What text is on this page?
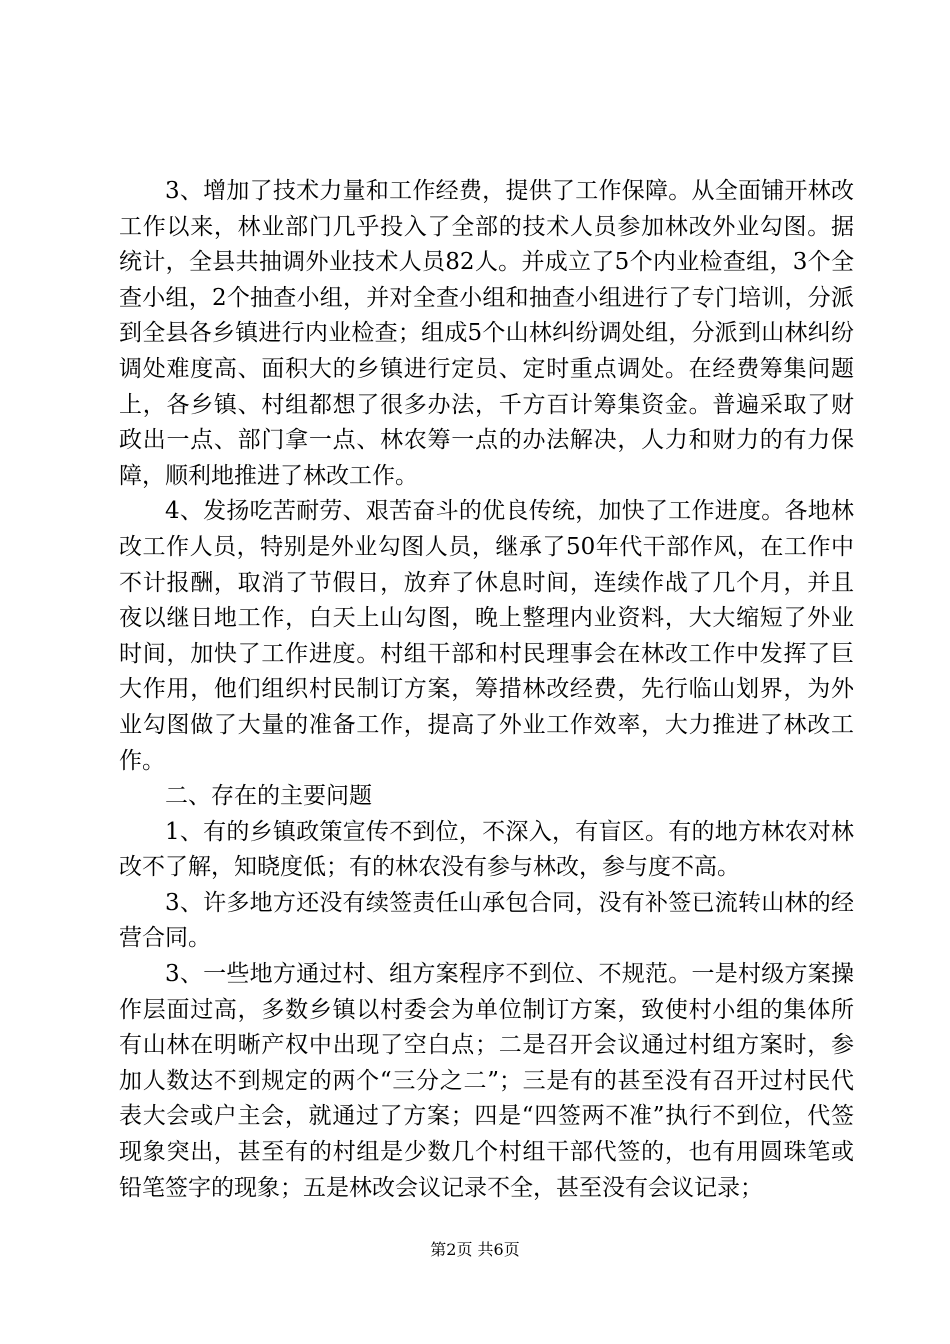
3、增加了技术力量和工作经费，提供了工作保障。从全面铺开林改工作以来，林业部门几乎投入了全部的技术人员参加林改外业勾图。据统计，全县共抽调外业技术人员82人。并成立了5个内业检查组，3个全查小组，2个抽查小组，并对全查小组和抽查小组进行了专门培训，分派到全县各乡镇进行内业检查；组成5个山林纠纷调处组，分派到山林纠纷调处难度高、面积大的乡镇进行定员、定时重点调处。在经费筹集问题上，各乡镇、村组都想了很多办法，千方百计筹集资金。普遍采取了财政出一点、部门拿一点、林农筹一点的办法解决，人力和财力的有力保障，顺利地推进了林改工作。

4、发扬吃苦耐劳、艰苦奋斗的优良传统，加快了工作进度。各地林改工作人员，特别是外业勾图人员，继承了50年代干部作风，在工作中不计报酬，取消了节假日，放弃了休息时间，连续作战了几个月，并且夜以继日地工作，白天上山勾图，晚上整理内业资料，大大缩短了外业时间，加快了工作进度。村组干部和村民理事会在林改工作中发挥了巨大作用，他们组织村民制订方案，筹措林改经费，先行临山划界，为外业勾图做了大量的准备工作，提高了外业工作效率，大力推进了林改工作。

二、存在的主要问题

1、有的乡镇政策宣传不到位，不深入，有盲区。有的地方林农对林改不了解，知晓度低；有的林农没有参与林改，参与度不高。

3、许多地方还没有续签责任山承包合同，没有补签已流转山林的经营合同。

3、一些地方通过村、组方案程序不到位、不规范。一是村级方案操作层面过高，多数乡镇以村委会为单位制订方案，致使村小组的集体所有山林在明晰产权中出现了空白点；二是召开会议通过村组方案时，参加人数达不到规定的两个“三分之二”；三是有的甚至没有召开过村民代表大会或户主会，就通过了方案；四是“四签两不准”执行不到位，代签现象突出，甚至有的村组是少数几个村组干部代签的，也有用圆珠笔或铅笔签字的现象；五是林改会议记录不全，甚至没有会议记录；

第2页 共6页
